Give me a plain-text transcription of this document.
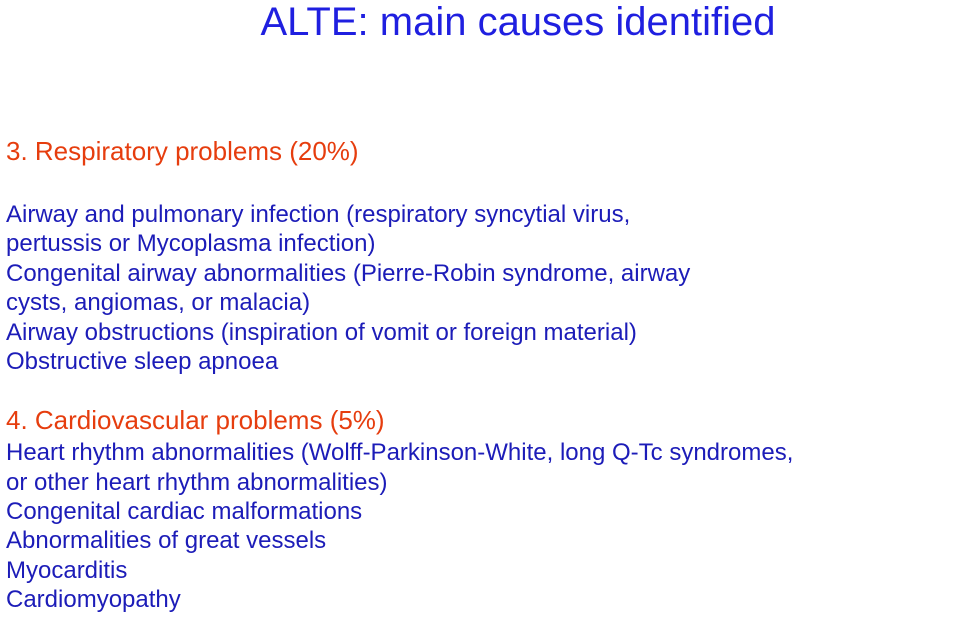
ALTE: main causes identified
3. Respiratory problems (20%)
Airway and pulmonary infection (respiratory syncytial virus,
pertussis or Mycoplasma infection)
Congenital airway abnormalities (Pierre-Robin syndrome, airway
cysts, angiomas, or malacia)
Airway obstructions (inspiration of vomit or foreign material)
Obstructive sleep apnoea
4. Cardiovascular problems (5%)
Heart rhythm abnormalities (Wolff-Parkinson-White, long Q-Tc syndromes,
or other heart rhythm abnormalities)
Congenital cardiac malformations
Abnormalities of great vessels
Myocarditis
Cardiomyopathy
